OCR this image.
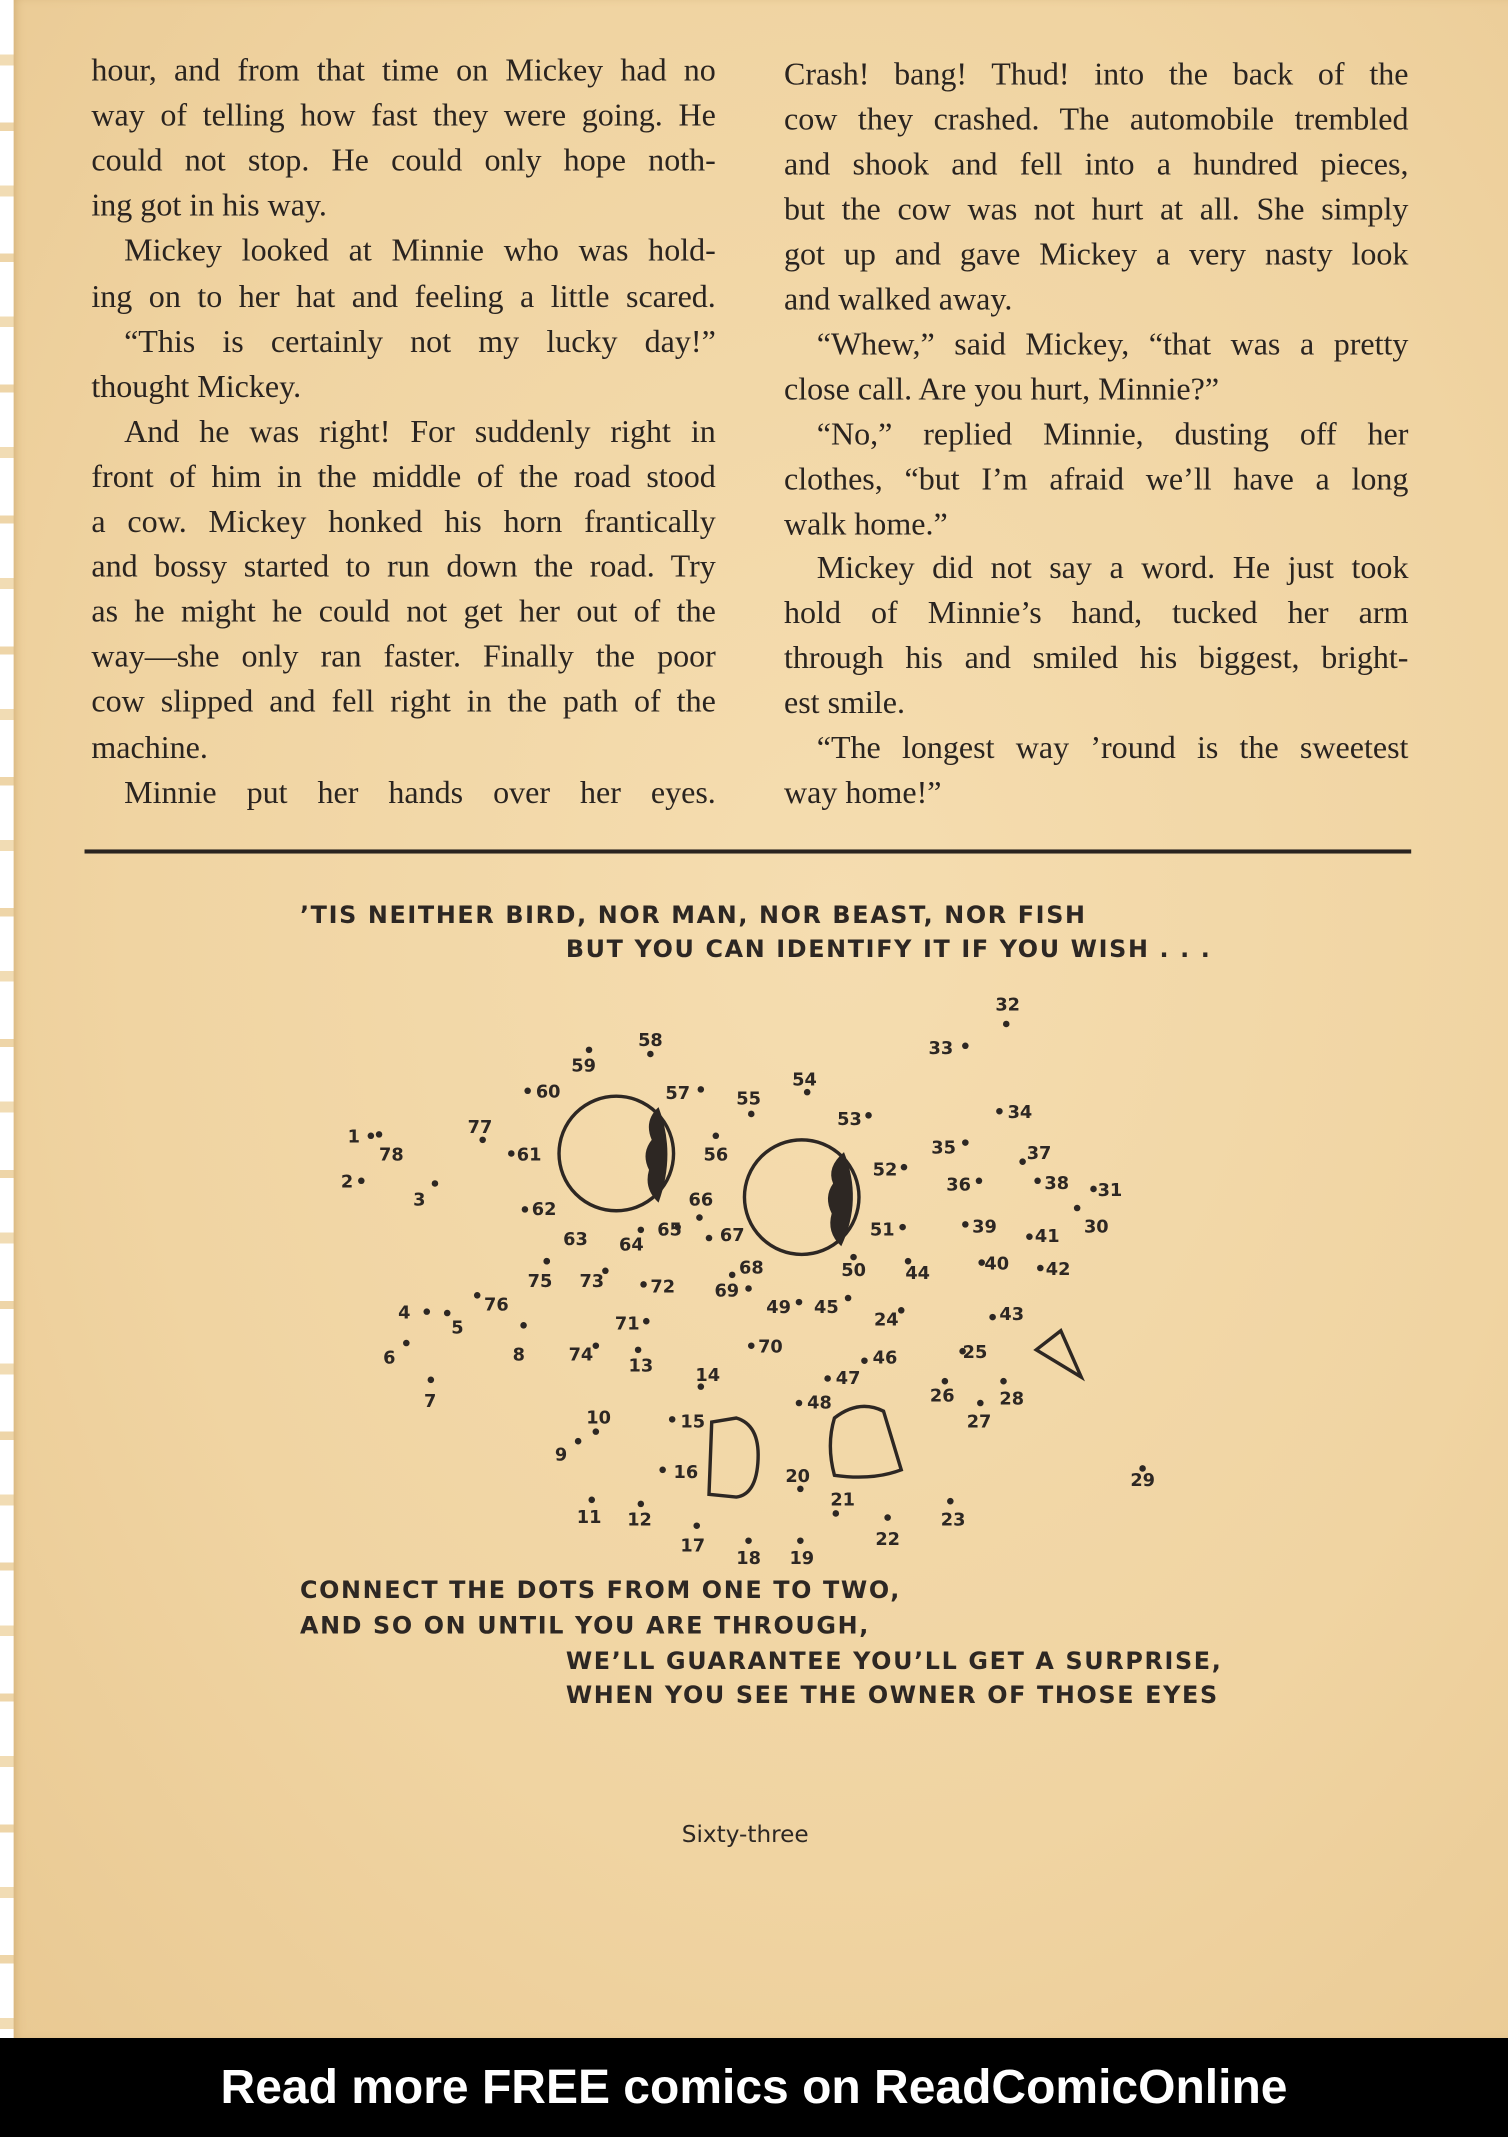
hour, and from that time on Mickey had no
way of telling how fast they were going. He
could not stop. He could only hope noth-
ing got in his way.
Mickey looked at Minnie who was hold-
ing on to her hat and feeling a little scared.
“This is certainly not my lucky day!”
thought Mickey.
And he was right! For suddenly right in
front of him in the middle of the road stood
a cow. Mickey honked his horn frantically
and bossy started to run down the road. Try
as he might he could not get her out of the
way—she only ran faster. Finally the poor
cow slipped and fell right in the path of the
machine.
Minnie put her hands over her eyes.
Crash! bang! Thud! into the back of the
cow they crashed. The automobile trembled
and shook and fell into a hundred pieces,
but the cow was not hurt at all. She simply
got up and gave Mickey a very nasty look
and walked away.
“Whew,” said Mickey, “that was a pretty
close call. Are you hurt, Minnie?”
“No,” replied Minnie, dusting off her
clothes, “but I’m afraid we’ll have a long
walk home.”
Mickey did not say a word. He just took
hold of Minnie’s hand, tucked her arm
through his and smiled his biggest, bright-
est smile.
“The longest way ’round is the sweetest
way home!”
’TIS NEITHER BIRD, NOR MAN, NOR BEAST, NOR FISH
BUT YOU CAN IDENTIFY IT IF YOU WISH . . .
1
2
3
4
5
6
7
8
9
10
11 12
13	14
15
16
17
18 19
20
21
22
23
24
25
26
27
28
29
30
31
32
33
34
35
36
37
38
39
40
41
42
43
44
45
46
47
48
49
50
51
52
53
54
55
56
57
58
59
60
61
62
63 64
65
66
67
68
69
70
71
72
73
74
75
76
77
78
CONNECT THE DOTS FROM ONE TO TWO,
AND SO ON UNTIL YOU ARE THROUGH,
WE’LL GUARANTEE YOU’LL GET A SURPRISE,
WHEN YOU SEE THE OWNER OF THOSE EYES
Sixty-three
Read more FREE comics on ReadComicOnline
